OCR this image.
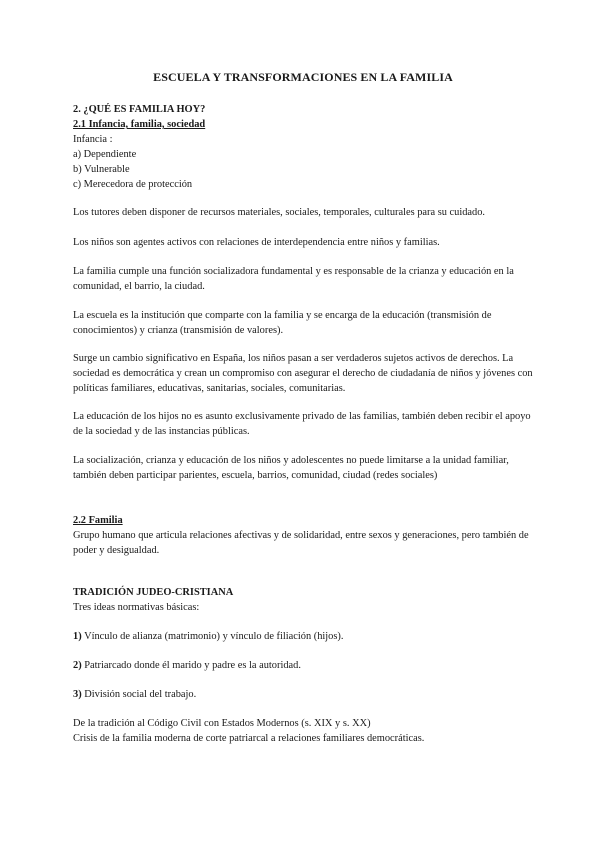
ESCUELA Y TRANSFORMACIONES EN LA FAMILIA
2. ¿QUÉ ES FAMILIA HOY?
2.1 Infancia, familia, sociedad
Infancia :
a) Dependiente
b) Vulnerable
c) Merecedora de protección

Los tutores deben disponer de recursos materiales, sociales, temporales, culturales para su cuidado.

Los niños son agentes activos con relaciones de interdependencia entre niños y familias.

La familia cumple una función socializadora fundamental y es responsable de la crianza y educación en la comunidad, el barrio, la ciudad.

La escuela es la institución que comparte con la familia y se encarga de la educación (transmisión de conocimientos) y crianza (transmisión de valores).

Surge un cambio significativo en España, los niños pasan a ser verdaderos sujetos activos de derechos. La sociedad es democrática y crean un compromiso con asegurar el derecho de ciudadanía de niños y jóvenes con políticas familiares, educativas, sanitarias, sociales, comunitarias.

La educación de los hijos no es asunto exclusivamente privado de las familias, también deben recibir el apoyo de la sociedad y de las instancias públicas.

La socialización, crianza y educación de los niños y adolescentes no puede limitarse a la unidad familiar, también deben participar parientes, escuela, barrios, comunidad, ciudad (redes sociales)

2.2 Familia

Grupo humano que articula relaciones afectivas y de solidaridad, entre sexos y generaciones, pero también de poder y desigualdad.

TRADICIÓN JUDEO-CRISTIANA
Tres ideas normativas básicas:
1) Vínculo de alianza (matrimonio) y vínculo de filiación (hijos).
2) Patriarcado donde él marido y padre es la autoridad.
3) División social del trabajo.
De la tradición al Código Civil con Estados Modernos (s. XIX y s. XX)
Crisis de la familia moderna de corte patriarcal a relaciones familiares democráticas.
